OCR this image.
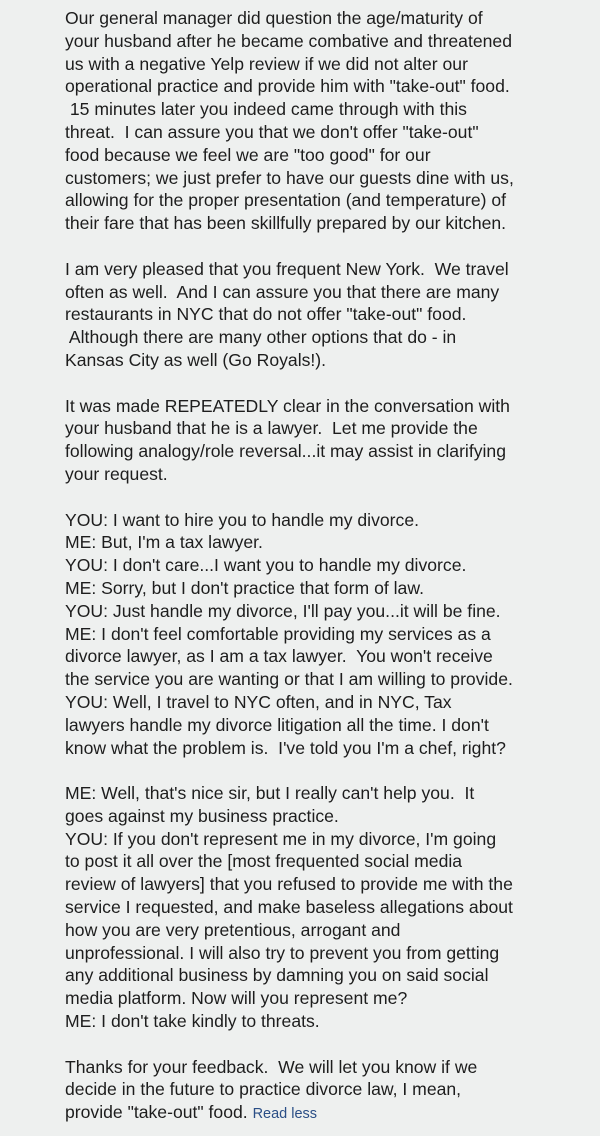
Our general manager did question the age/maturity of
your husband after he became combative and threatened
us with a negative Yelp review if we did not alter our
operational practice and provide him with "take-out" food.
15 minutes later you indeed came through with this
threat.  I can assure you that we don't offer "take-out"
food because we feel we are "too good" for our
customers; we just prefer to have our guests dine with us,
allowing for the proper presentation (and temperature) of
their fare that has been skillfully prepared by our kitchen.
I am very pleased that you frequent New York.  We travel
often as well.  And I can assure you that there are many
restaurants in NYC that do not offer "take-out" food.
Although there are many other options that do - in
Kansas City as well (Go Royals!).
It was made REPEATEDLY clear in the conversation with
your husband that he is a lawyer.  Let me provide the
following analogy/role reversal...it may assist in clarifying
your request.
YOU: I want to hire you to handle my divorce.
ME: But, I'm a tax lawyer.
YOU: I don't care...I want you to handle my divorce.
ME: Sorry, but I don't practice that form of law.
YOU: Just handle my divorce, I'll pay you...it will be fine.
ME: I don't feel comfortable providing my services as a
divorce lawyer, as I am a tax lawyer.  You won't receive
the service you are wanting or that I am willing to provide.
YOU: Well, I travel to NYC often, and in NYC, Tax
lawyers handle my divorce litigation all the time. I don't
know what the problem is.  I've told you I'm a chef, right?
ME: Well, that's nice sir, but I really can't help you.  It
goes against my business practice.
YOU: If you don't represent me in my divorce, I'm going
to post it all over the [most frequented social media
review of lawyers] that you refused to provide me with the
service I requested, and make baseless allegations about
how you are very pretentious, arrogant and
unprofessional. I will also try to prevent you from getting
any additional business by damning you on said social
media platform. Now will you represent me?
ME: I don't take kindly to threats.
Thanks for your feedback.  We will let you know if we
decide in the future to practice divorce law, I mean,
provide "take-out" food. Read less
